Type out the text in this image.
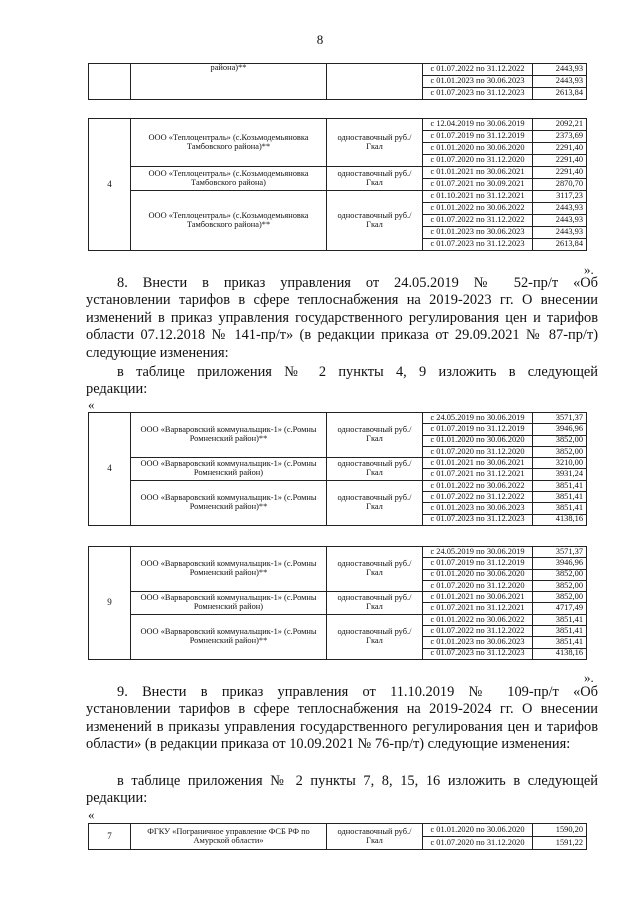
8
	района)**		с 01.07.2022 по 31.12.2022	2443,93
			с 01.01.2023 по 30.06.2023	2443,93
			с 01.07.2023 по 31.12.2023	2613,84
4	ООО «Теплоцентраль» (с.Козьмодемьяновка Тамбовского района)**	одноставочный руб./Гкал	с 12.04.2019 по 30.06.2019	2092,21
			с 01.07.2019 по 31.12.2019	2373,69
			с 01.01.2020 по 30.06.2020	2291,40
			с 01.07.2020 по 31.12.2020	2291,40
	ООО «Теплоцентраль» (с.Козьмодемьяновка Тамбовского района)	одноставочный руб./Гкал	с 01.01.2021 по 30.06.2021	2291,40
			с 01.07.2021 по 30.09.2021	2870,70
	ООО «Теплоцентраль» (с.Козьмодемьяновка Тамбовского района)**	одноставочный руб./Гкал	с 01.10.2021 по 31.12.2021	3117,23
			с 01.01.2022 по 30.06.2022	2443,93
			с 01.07.2022 по 31.12.2022	2443,93
			с 01.01.2023 по 30.06.2023	2443,93
			с 01.07.2023 по 31.12.2023	2613,84
».

8. Внести в приказ управления от 24.05.2019 № 52-пр/т «Об

установлении тарифов в сфере теплоснабжения на 2019-2023 гг. О внесении изменений в приказ управления государственного регулирования цен и тарифов области 07.12.2018 № 141-пр/т» (в редакции приказа от 29.09.2021 № 87-пр/т) следующие изменения:

в таблице приложения № 2 пункты 4, 9 изложить в следующей

редакции:

«
4	ООО «Варваровский коммунальщик-1» (с.Ромны Ромненский район)**	одноставочный руб./Гкал	с 24.05.2019 по 30.06.2019	3571,37
			с 01.07.2019 по 31.12.2019	3946,96
			с 01.01.2020 по 30.06.2020	3852,00
			с 01.07.2020 по 31.12.2020	3852,00
	ООО «Варваровский коммунальщик-1» (с.Ромны Ромненский район)	одноставочный руб./Гкал	с 01.01.2021 по 30.06.2021	3210,00
			с 01.07.2021 по 31.12.2021	3931,24
	ООО «Варваровский коммунальщик-1» (с.Ромны Ромненский район)**	одноставочный руб./Гкал	с 01.01.2022 по 30.06.2022	3851,41
			с 01.07.2022 по 31.12.2022	3851,41
			с 01.01.2023 по 30.06.2023	3851,41
			с 01.07.2023 по 31.12.2023	4138,16
9	ООО «Варваровский коммунальщик-1» (с.Ромны Ромненский район)**	одноставочный руб./Гкал	с 24.05.2019 по 30.06.2019	3571,37
			с 01.07.2019 по 31.12.2019	3946,96
			с 01.01.2020 по 30.06.2020	3852,00
			с 01.07.2020 по 31.12.2020	3852,00
	ООО «Варваровский коммунальщик-1» (с.Ромны Ромненский район)	одноставочный руб./Гкал	с 01.01.2021 по 30.06.2021	3852,00
			с 01.07.2021 по 31.12.2021	4717,49
	ООО «Варваровский коммунальщик-1» (с.Ромны Ромненский район)**	одноставочный руб./Гкал	с 01.01.2022 по 30.06.2022	3851,41
			с 01.07.2022 по 31.12.2022	3851,41
			с 01.01.2023 по 30.06.2023	3851,41
			с 01.07.2023 по 31.12.2023	4138,16
».

9. Внести в приказ управления от 11.10.2019 № 109-пр/т «Об

установлении тарифов в сфере теплоснабжения на 2019-2024 гг. О внесении изменений в приказы управления государственного регулирования цен и тарифов области» (в редакции приказа от 10.09.2021 № 76-пр/т) следующие изменения:

в таблице приложения № 2 пункты 7, 8, 15, 16 изложить в следующей

редакции:

«
7	ФГКУ «Пограничное управление ФСБ РФ по Амурской области»	одноставочный руб./Гкал	с 01.01.2020 по 30.06.2020	1590,20
			с 01.07.2020 по 31.12.2020	1591,22
